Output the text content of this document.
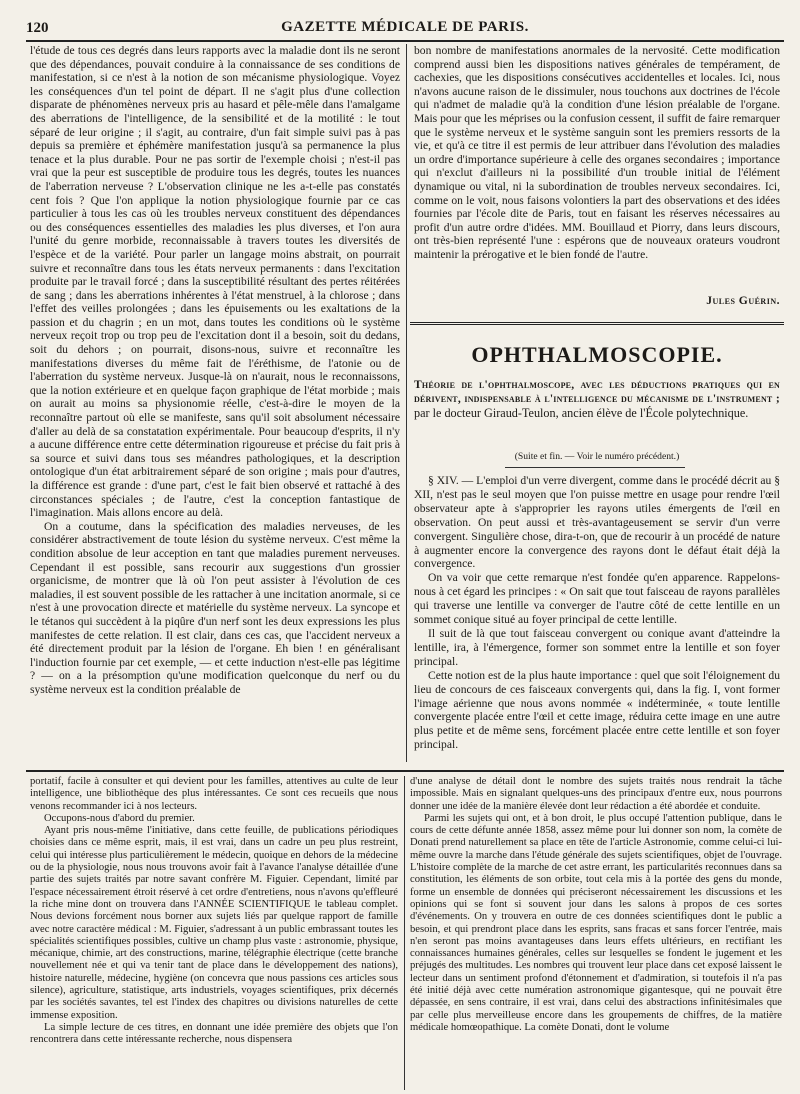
120	GAZETTE MÉDICALE DE PARIS.

l'étude de tous ces degrés dans leurs rapports avec la maladie dont ils ne seront que des dépendances, pouvait conduire à la connaissance de ses conditions de manifestation, si ce n'est à la notion de son mécanisme physiologique. Voyez les conséquences d'un tel point de départ. Il ne s'agit plus d'une collection disparate de phénomènes nerveux pris au hasard et pêle-mêle dans l'amalgame des aberrations de l'intelligence, de la sensibilité et de la motilité : le tout séparé de leur origine ; il s'agit, au contraire, d'un fait simple suivi pas à pas depuis sa première et éphémère manifestation jusqu'à sa permanence la plus tenace et la plus durable. Pour ne pas sortir de l'exemple choisi ; n'est-il pas vrai que la peur est susceptible de produire tous les degrés, toutes les nuances de l'aberration nerveuse ? L'observation clinique ne les a-t-elle pas constatés cent fois ? Que l'on applique la notion physiologique fournie par ce cas particulier à tous les cas où les troubles nerveux constituent des dépendances ou des conséquences essentielles des maladies les plus diverses, et l'on aura l'unité du genre morbide, reconnaissable à travers toutes les diversités de l'espèce et de la variété. Pour parler un langage moins abstrait, on pourrait suivre et reconnaître dans tous les états nerveux permanents : dans l'excitation produite par le travail forcé ; dans la susceptibilité résultant des pertes réitérées de sang ; dans les aberrations inhérentes à l'état menstruel, à la chlorose ; dans l'effet des veilles prolongées ; dans les épuisements ou les exaltations de la passion et du chagrin ; en un mot, dans toutes les conditions où le système nerveux reçoit trop ou trop peu de l'excitation dont il a besoin, soit du dedans, soit du dehors ; on pourrait, disons-nous, suivre et reconnaître les manifestations diverses du même fait de l'éréthisme, de l'atonie ou de l'aberration du système nerveux. Jusque-là on n'aurait, nous le reconnaissons, que la notion extérieure et en quelque façon graphique de l'état morbide ; mais on aurait au moins sa physionomie réelle, c'est-à-dire le moyen de la reconnaître partout où elle se manifeste, sans qu'il soit absolument nécessaire d'aller au delà de sa constatation expérimentale. Pour beaucoup d'esprits, il n'y a aucune différence entre cette détermination rigoureuse et précise du fait pris à sa source et suivi dans tous ses méandres pathologiques, et la description ontologique d'un état arbitrairement séparé de son origine ; mais pour d'autres, la différence est grande : d'une part, c'est le fait bien observé et rattaché à des circonstances spéciales ; de l'autre, c'est la conception fantastique de l'imagination. Mais allons encore au delà.

On a coutume, dans la spécification des maladies nerveuses, de les considérer abstractivement de toute lésion du système nerveux. C'est même la condition absolue de leur acception en tant que maladies purement nerveuses. Cependant il est possible, sans recourir aux suggestions d'un grossier organicisme, de montrer que là où l'on peut assister à l'évolution de ces maladies, il est souvent possible de les rattacher à une incitation anormale, si ce n'est à une provocation directe et matérielle du système nerveux. La syncope et le tétanos qui succèdent à la piqûre d'un nerf sont les deux expressions les plus manifestes de cette relation. Il est clair, dans ces cas, que l'accident nerveux a été directement produit par la lésion de l'organe. Eh bien ! en généralisant l'induction fournie par cet exemple, — et cette induction n'est-elle pas légitime ? — on a la présomption qu'une modification quelconque du nerf ou du système nerveux est la condition préalable de

bon nombre de manifestations anormales de la nervosité. Cette modification comprend aussi bien les dispositions natives générales de tempérament, de cachexies, que les dispositions consécutives accidentelles et locales. Ici, nous n'avons aucune raison de le dissimuler, nous touchons aux doctrines de l'école qui n'admet de maladie qu'à la condition d'une lésion préalable de l'organe. Mais pour que les méprises ou la confusion cessent, il suffit de faire remarquer que le système nerveux et le système sanguin sont les premiers ressorts de la vie, et qu'à ce titre il est permis de leur attribuer dans l'évolution des maladies un ordre d'importance supérieure à celle des organes secondaires ; importance qui n'exclut d'ailleurs ni la possibilité d'un trouble initial de l'élément dynamique ou vital, ni la subordination de troubles nerveux secondaires. Ici, comme on le voit, nous faisons volontiers la part des observations et des idées fournies par l'école dite de Paris, tout en faisant les réserves nécessaires au profit d'un autre ordre d'idées. MM. Bouillaud et Piorry, dans leurs discours, ont très-bien représenté l'une : espérons que de nouveaux orateurs voudront maintenir la prérogative et le bien fondé de l'autre.

Jules Guérin.
OPHTHALMOSCOPIE.
Théorie de l'ophthalmoscope, avec les déductions pratiques qui en dérivent, indispensable à l'intelligence du mécanisme de l'instrument ; par le docteur Giraud-Teulon, ancien élève de l'École polytechnique.
(Suite et fin. — Voir le numéro précédent.)

§ XIV. — L'emploi d'un verre divergent, comme dans le procédé décrit au § XII, n'est pas le seul moyen que l'on puisse mettre en usage pour rendre l'œil observateur apte à s'approprier les rayons utiles émergents de l'œil en observation. On peut aussi et très-avantageusement se servir d'un verre convergent. Singulière chose, dira-t-on, que de recourir à un procédé de nature à augmenter encore la convergence des rayons dont le défaut était déjà la convergence.

On va voir que cette remarque n'est fondée qu'en apparence. Rappelons-nous à cet égard les principes : « On sait que tout faisceau de rayons parallèles qui traverse une lentille va converger de l'autre côté de cette lentille en un sommet conique situé au foyer principal de cette lentille.

Il suit de là que tout faisceau convergent ou conique avant d'atteindre la lentille, ira, à l'émergence, former son sommet entre la lentille et son foyer principal.

Cette notion est de la plus haute importance : quel que soit l'éloignement du lieu de concours de ces faisceaux convergents qui, dans la fig. I, vont former l'image aérienne que nous avons nommée « indéterminée, « toute lentille convergente placée entre l'œil et cette image, réduira cette image en une autre plus petite et de même sens, forcément placée entre cette lentille et son foyer principal.

portatif, facile à consulter et qui devient pour les familles, attentives au culte de leur intelligence, une bibliothèque des plus intéressantes. Ce sont ces recueils que nous venons recommander ici à nos lecteurs.

Occupons-nous d'abord du premier.

Ayant pris nous-même l'initiative, dans cette feuille, de publications périodiques choisies dans ce même esprit, mais, il est vrai, dans un cadre un peu plus restreint, celui qui intéresse plus particulièrement le médecin, quoique en dehors de la médecine ou de la physiologie, nous nous trouvons avoir fait à l'avance l'analyse détaillée d'une partie des sujets traités par notre savant confrère M. Figuier. Cependant, limité par l'espace nécessairement étroit réservé à cet ordre d'entretiens, nous n'avons qu'effleuré la riche mine dont on trouvera dans l'ANNÉE SCIENTIFIQUE le tableau complet. Nous devions forcément nous borner aux sujets liés par quelque rapport de famille avec notre caractère médical : M. Figuier, s'adressant à un public embrassant toutes les spécialités scientifiques possibles, cultive un champ plus vaste : astronomie, physique, mécanique, chimie, art des constructions, marine, télégraphie électrique (cette branche nouvellement née et qui va tenir tant de place dans le développement des nations), histoire naturelle, médecine, hygiène (on concevra que nous passions ces articles sous silence), agriculture, statistique, arts industriels, voyages scientifiques, prix décernés par les sociétés savantes, tel est l'index des chapitres ou divisions naturelles de cette immense exposition.

La simple lecture de ces titres, en donnant une idée première des objets que l'on rencontrera dans cette intéressante recherche, nous dispensera

d'une analyse de détail dont le nombre des sujets traités nous rendrait la tâche impossible. Mais en signalant quelques-uns des principaux d'entre eux, nous pourrons donner une idée de la manière élevée dont leur rédaction a été abordée et conduite.

Parmi les sujets qui ont, et à bon droit, le plus occupé l'attention publique, dans le cours de cette défunte année 1858, assez même pour lui donner son nom, la comète de Donati prend naturellement sa place en tête de l'article Astronomie, comme celui-ci lui-même ouvre la marche dans l'étude générale des sujets scientifiques, objet de l'ouvrage. L'histoire complète de la marche de cet astre errant, les particularités reconnues dans sa constitution, les éléments de son orbite, tout cela mis à la portée des gens du monde, forme un ensemble de données qui préciseront nécessairement les discussions et les opinions qui se font si souvent jour dans les salons à propos de ces sortes d'événements. On y trouvera en outre de ces données scientifiques dont le public a besoin, et qui prendront place dans les esprits, sans fracas et sans forcer l'entrée, mais n'en seront pas moins avantageuses dans leurs effets ultérieurs, en rectifiant les connaissances humaines générales, celles sur lesquelles se fondent le jugement et les préjugés des multitudes. Les nombres qui trouvent leur place dans cet exposé laissent le lecteur dans un sentiment profond d'étonnement et d'admiration, si toutefois il n'a pas été initié déjà avec cette numération astronomique gigantesque, qui ne pouvait être dépassée, en sens contraire, il est vrai, dans celui des abstractions infinitésimales que par celle plus merveilleuse encore dans les groupements de chiffres, de la matière médicale homœopathique. La comète Donati, dont le volume
